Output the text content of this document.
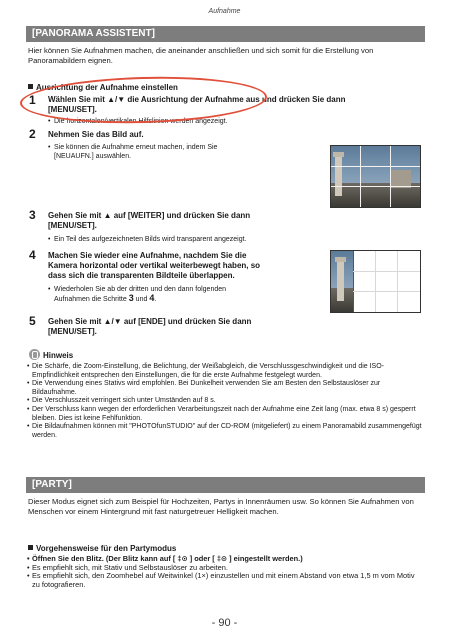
Aufnahme
[PANORAMA ASSISTENT]
Hier können Sie Aufnahmen machen, die aneinander anschließen und sich somit für die Erstellung von Panoramabildern eignen.
Ausrichtung der Aufnahme einstellen
1 Wählen Sie mit ▲/▼ die Ausrichtung der Aufnahme aus und drücken Sie dann
[MENU/SET].
• Die horizontalen/vertikalen Hilfslinien werden angezeigt.
2 Nehmen Sie das Bild auf.
• Sie können die Aufnahme erneut machen, indem Sie
[NEUAUFN.] auswählen.
3 Gehen Sie mit ▲ auf [WEITER] und drücken Sie dann
[MENU/SET].
• Ein Teil des aufgezeichneten Bilds wird transparent angezeigt.
4 Machen Sie wieder eine Aufnahme, nachdem Sie die
Kamera horizontal oder vertikal weiterbewegt haben, so
dass sich die transparenten Bildteile überlappen.
• Wiederholen Sie ab der dritten und den dann folgenden
Aufnahmen die Schritte 3 und 4.
5 Gehen Sie mit ▲/▼ auf [ENDE] und drücken Sie dann
[MENU/SET].
Hinweis
• Die Schärfe, die Zoom-Einstellung, die Belichtung, der Weißabgleich, die Verschlussgeschwindigkeit und die ISO-Empfindlichkeit entsprechen den Einstellungen, die für die erste Aufnahme festgelegt wurden.
• Die Verwendung eines Stativs wird empfohlen. Bei Dunkelheit verwenden Sie am Besten den Selbstauslöser zur Bildaufnahme.
• Die Verschlusszeit verringert sich unter Umständen auf 8 s.
• Der Verschluss kann wegen der erforderlichen Verarbeitungszeit nach der Aufnahme eine Zeit lang (max. etwa 8 s) gesperrt bleiben. Dies ist keine Fehlfunktion.
• Die Bildaufnahmen können mit "PHOTOfunSTUDIO" auf der CD-ROM (mitgeliefert) zu einem Panoramabild zusammengefügt werden.
[PARTY]
Dieser Modus eignet sich zum Beispiel für Hochzeiten, Partys in Innenräumen usw. So können Sie Aufnahmen von Menschen vor einem Hintergrund mit fast naturgetreuer Helligkeit machen.
Vorgehensweise für den Partymodus
• Öffnen Sie den Blitz. (Der Blitz kann auf [ ‡⊙ ] oder [ ‡⊙ ] eingestellt werden.)
• Es empfiehlt sich, mit Stativ und Selbstauslöser zu arbeiten.
• Es empfiehlt sich, den Zoomhebel auf Weitwinkel (1×) einzustellen und mit einem Abstand von etwa 1,5 m vom Motiv zu fotografieren.
- 90 -
